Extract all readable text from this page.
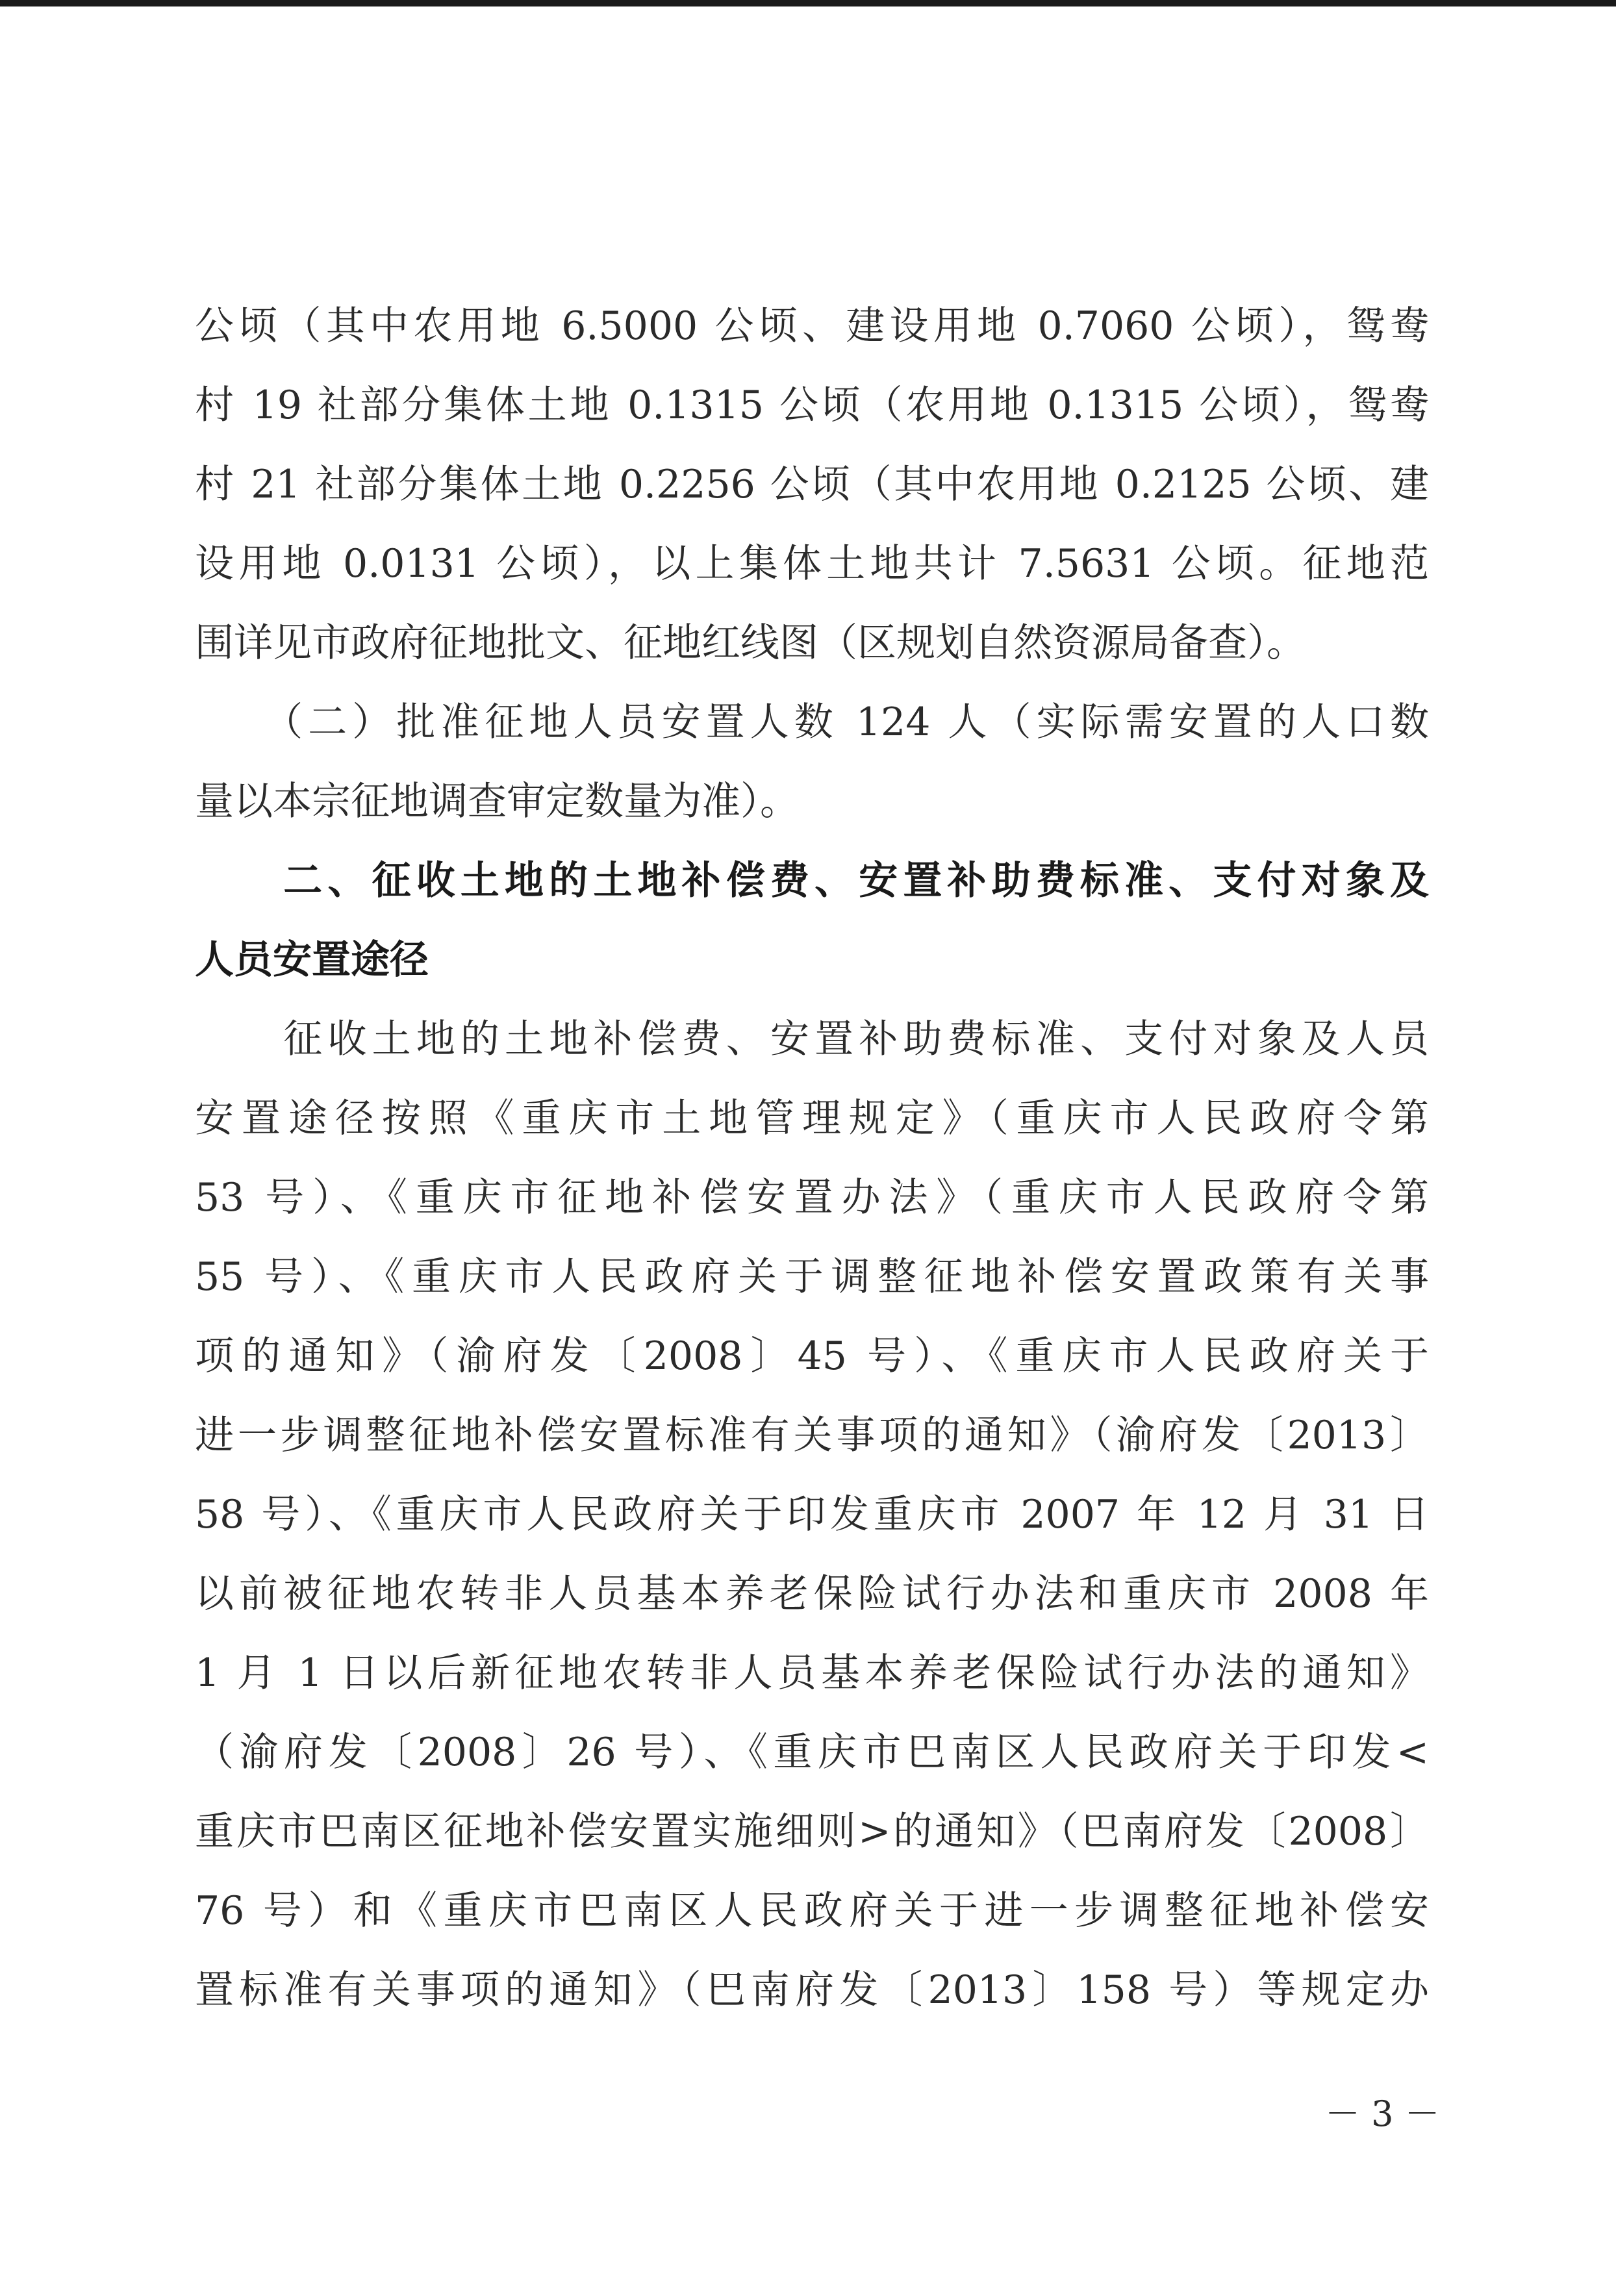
公顷（其中农用地 6.5000 公顷、建设用地 0.7060 公顷），鸳鸯
村 19 社部分集体土地 0.1315 公顷（农用地 0.1315 公顷），鸳鸯
村 21 社部分集体土地 0.2256 公顷（其中农用地 0.2125 公顷、建
设用地 0.0131 公顷），以上集体土地共计 7.5631 公顷。征地范
围详见市政府征地批文、征地红线图（区规划自然资源局备查）。
　　（二）批准征地人员安置人数 124 人（实际需安置的人口数
量以本宗征地调查审定数量为准）。
　　二、征收土地的土地补偿费、安置补助费标准、支付对象及
人员安置途径
　　征收土地的土地补偿费、安置补助费标准、支付对象及人员
安置途径按照《重庆市土地管理规定》（重庆市人民政府令第
53 号）、《重庆市征地补偿安置办法》（重庆市人民政府令第
55 号）、《重庆市人民政府关于调整征地补偿安置政策有关事
项的通知》（渝府发〔2008〕45 号）、《重庆市人民政府关于
进一步调整征地补偿安置标准有关事项的通知》（渝府发〔2013〕
58 号）、《重庆市人民政府关于印发重庆市 2007 年 12 月 31 日
以前被征地农转非人员基本养老保险试行办法和重庆市 2008 年
1 月 1 日以后新征地农转非人员基本养老保险试行办法的通知》
（渝府发〔2008〕26 号）、《重庆市巴南区人民政府关于印发<
重庆市巴南区征地补偿安置实施细则>的通知》（巴南府发〔2008〕
76 号）和《重庆市巴南区人民政府关于进一步调整征地补偿安
置标准有关事项的通知》（巴南府发〔2013〕158 号）等规定办
－ 3 －
